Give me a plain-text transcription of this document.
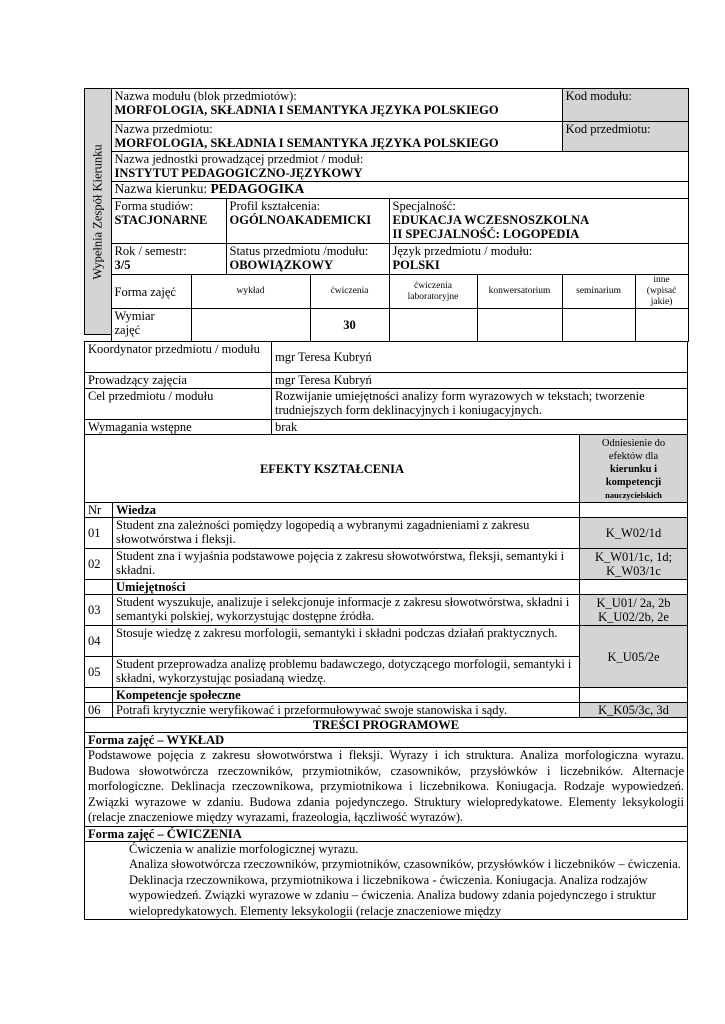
Wypełnia Zespół Kierunku
	Nazwa modułu (blok przedmiotów):
MORFOLOGIA, SKŁADNIA I SEMANTYKA JĘZYKA POLSKIEGO						Kod modułu:	
	Nazwa przedmiotu:
MORFOLOGIA, SKŁADNIA I SEMANTYKA JĘZYKA POLSKIEGO						Kod przedmiotu:	
	Nazwa jednostki prowadzącej przedmiot / moduł:
INSTYTUT PEDAGOGICZNO-JĘZYKOWY							
	Nazwa kierunku: PEDAGOGIKA							
	Forma studiów:
STACJONARNE		Profil kształcenia:
OGÓLNOAKADEMICKI		Specjalność:
EDUKACJA WCZESNOSZKOLNA
II SPECJALNOŚĆ: LOGOPEDIA			
	Rok / semestr:
3/5		Status przedmiotu /modułu:
OBOWIĄZKOWY		Język przedmiotu / modułu:
POLSKI			
	Forma zajęć	wykład		ćwiczenia	ćwiczenia
laboratoryjne	konwersatorium	seminarium	inne
(wpisać jakie)
	Wymiar
zajęć			30				
Koordynator przedmiotu / modułu	mgr Teresa Kubryń
Prowadzący zajęcia	mgr Teresa Kubryń
Cel przedmiotu / modułu	Rozwijanie umiejętności analizy form wyrazowych w tekstach; tworzenie trudniejszych form deklinacyjnych i koniugacyjnych.
Wymagania wstępne	brak
EFEKTY KSZTAŁCENIA		Odniesienie do
efektów dla
kierunku i
kompetencji
nauczycielskich
Nr	Wiedza	
01	Student zna zależności pomiędzy logopedią a wybranymi zagadnieniami z zakresu słowotwórstwa i fleksji.	K_W02/1d
02	Student zna i wyjaśnia podstawowe pojęcia z zakresu słowotwórstwa, fleksji, semantyki i składni.	K_W01/1c, 1d; K_W03/1c
	Umiejętności	
03	Student wyszukuje, analizuje i selekcjonuje informacje z zakresu słowotwórstwa, składni i semantyki polskiej, wykorzystując dostępne źródła.	K_U01/ 2a, 2b K_U02/2b, 2e
04	Stosuje wiedzę z zakresu morfologii, semantyki i składni podczas działań praktycznych.	K_U05/2e
05	Student przeprowadza analizę problemu badawczego, dotyczącego morfologii, semantyki i składni, wykorzystując posiadaną wiedzę.	
	Kompetencje społeczne	
06	Potrafi krytycznie weryfikować i przeformułowywać swoje stanowiska i sądy.	K_K05/3c, 3d
TREŚCI PROGRAMOWE
Forma zajęć – WYKŁAD
Podstawowe pojęcia z zakresu słowotwórstwa i fleksji. Wyrazy i ich struktura. Analiza morfologiczna wyrazu. Budowa słowotwórcza rzeczowników, przymiotników, czasowników, przysłówków i liczebników. Alternacje morfologiczne. Deklinacja rzeczownikowa, przymiotnikowa i liczebnikowa. Koniugacja. Rodzaje wypowiedzeń. Związki wyrazowe w zdaniu. Budowa zdania pojedynczego. Struktury wielopredykatowe. Elementy leksykologii (relacje znaczeniowe między wyrazami, frazeologia, łączliwość wyrazów).
Forma zajęć – ĆWICZENIA

Ćwiczenia w analizie morfologicznej wyrazu.
Analiza słowotwórcza rzeczowników, przymiotników, czasowników, przysłówków i liczebników – ćwiczenia.
Deklinacja rzeczownikowa, przymiotnikowa i liczebnikowa - ćwiczenia. Koniugacja. Analiza rodzajów wypowiedzeń. Związki wyrazowe w zdaniu – ćwiczenia. Analiza budowy zdania pojedynczego i struktur wielopredykatowych. Elementy leksykologii (relacje znaczeniowe między
